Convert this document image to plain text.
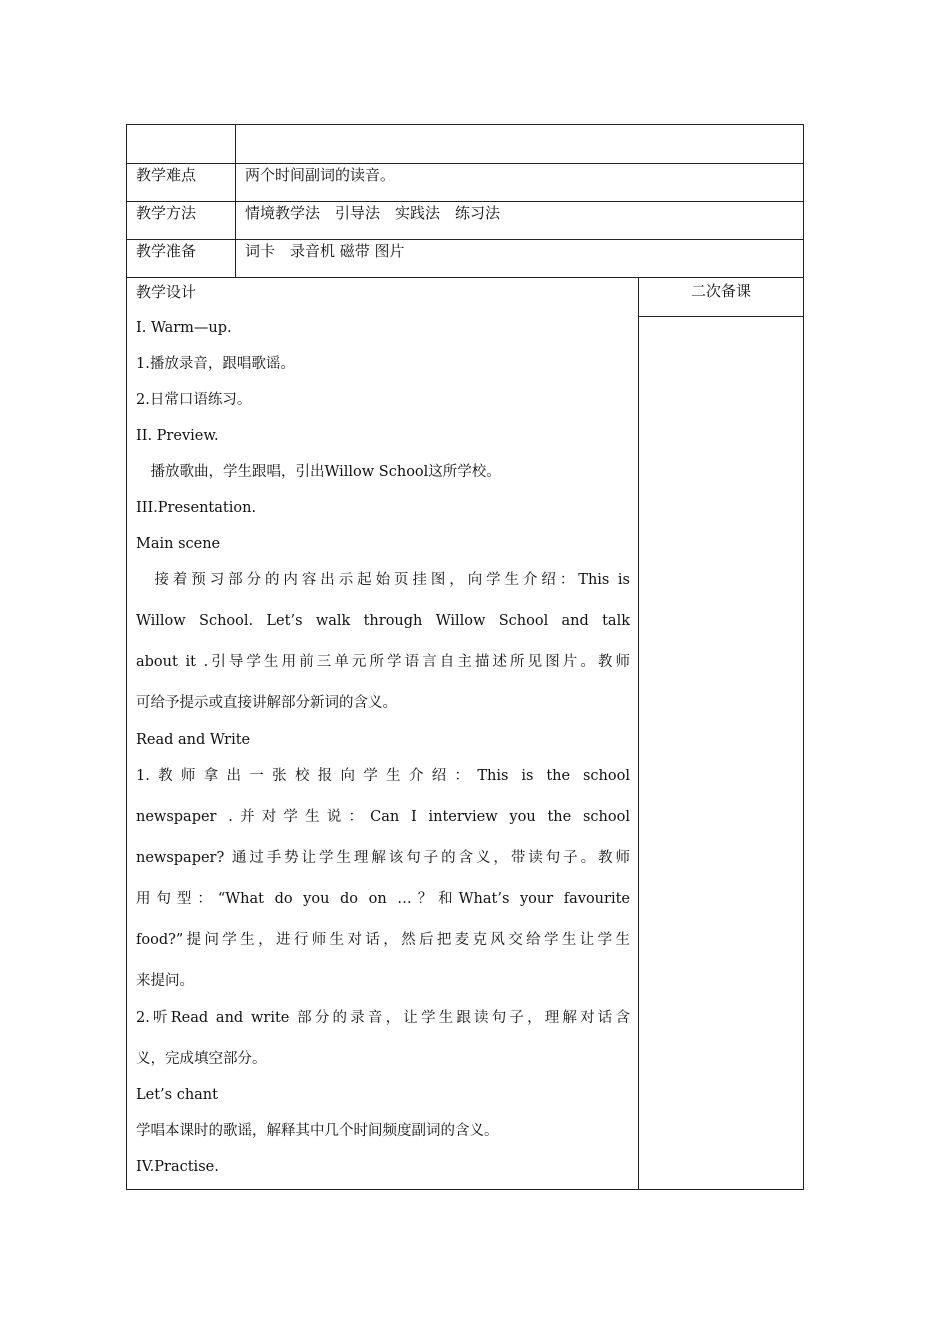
教学难点	两个时间副词的读音。
教学方法	情境教学法　引导法　实践法　练习法
教学准备	词卡　录音机 磁带 图片
教学设计
I. Warm—up.
1.播放录音，跟唱歌谣。
2.日常口语练习。
II. Preview.
　播放歌曲，学生跟唱，引出Willow School这所学校。
III.Presentation.
Main scene
　接着预习部分的内容出示起始页挂图，向学生介绍：This is
Willow School. Let’s walk through Willow School and talk
about it .引导学生用前三单元所学语言自主描述所见图片。教师
可给予提示或直接讲解部分新词的含义。
Read and Write
1.教师拿出一张校报向学生介绍：This is the school
newspaper .并对学生说：Can I interview you the school
newspaper? 通过手势让学生理解该句子的含义，带读句子。教师
用句型：“What do you do on …？和What’s your favourite
food?”提问学生，进行师生对话，然后把麦克风交给学生让学生
来提问。
2.听Read and write 部分的录音，让学生跟读句子，理解对话含
义，完成填空部分。
Let’s chant
学唱本课时的歌谣，解释其中几个时间频度副词的含义。
IV.Practise.
二次备课
